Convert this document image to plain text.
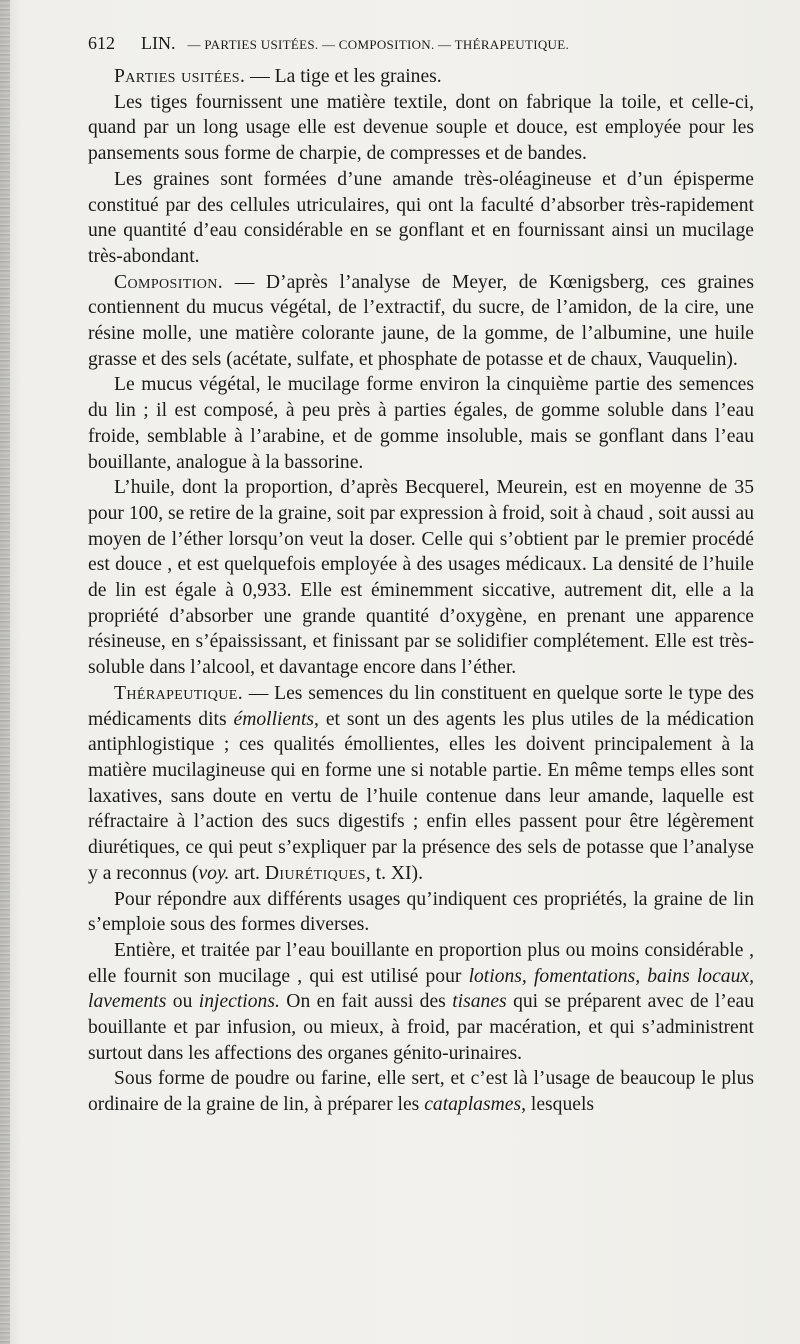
612 LIN. — PARTIES USITÉES. — COMPOSITION. — THÉRAPEUTIQUE.

Parties usitées. — La tige et les graines.

Les tiges fournissent une matière textile, dont on fabrique la toile, et celle-ci, quand par un long usage elle est devenue souple et douce, est employée pour les pansements sous forme de charpie, de compresses et de bandes.

Les graines sont formées d’une amande très-oléagineuse et d’un épisperme constitué par des cellules utriculaires, qui ont la faculté d’absorber très-rapidement une quantité d’eau considérable en se gonflant et en fournissant ainsi un mucilage très-abondant.

Composition. — D’après l’analyse de Meyer, de Kœnigsberg, ces graines contiennent du mucus végétal, de l’extractif, du sucre, de l’amidon, de la cire, une résine molle, une matière colorante jaune, de la gomme, de l’albumine, une huile grasse et des sels (acétate, sulfate, et phosphate de potasse et de chaux, Vauquelin).

Le mucus végétal, le mucilage forme environ la cinquième partie des semences du lin ; il est composé, à peu près à parties égales, de gomme soluble dans l’eau froide, semblable à l’arabine, et de gomme insoluble, mais se gonflant dans l’eau bouillante, analogue à la bassorine.

L’huile, dont la proportion, d’après Becquerel, Meurein, est en moyenne de 35 pour 100, se retire de la graine, soit par expression à froid, soit à chaud , soit aussi au moyen de l’éther lorsqu’on veut la doser. Celle qui s’obtient par le premier procédé est douce , et est quelquefois employée à des usages médicaux. La densité de l’huile de lin est égale à 0,933. Elle est éminemment siccative, autrement dit, elle a la propriété d’absorber une grande quantité d’oxygène, en prenant une apparence résineuse, en s’épaississant, et finissant par se solidifier complétement. Elle est très-soluble dans l’alcool, et davantage encore dans l’éther.

Thérapeutique. — Les semences du lin constituent en quelque sorte le type des médicaments dits émollients, et sont un des agents les plus utiles de la médication antiphlogistique ; ces qualités émollientes, elles les doivent principalement à la matière mucilagineuse qui en forme une si notable partie. En même temps elles sont laxatives, sans doute en vertu de l’huile contenue dans leur amande, laquelle est réfractaire à l’action des sucs digestifs ; enfin elles passent pour être légèrement diurétiques, ce qui peut s’expliquer par la présence des sels de potasse que l’analyse y a reconnus (voy. art. Diurétiques, t. XI).

Pour répondre aux différents usages qu’indiquent ces propriétés, la graine de lin s’emploie sous des formes diverses.

Entière, et traitée par l’eau bouillante en proportion plus ou moins considérable , elle fournit son mucilage , qui est utilisé pour lotions, fomentations, bains locaux, lavements ou injections. On en fait aussi des tisanes qui se préparent avec de l’eau bouillante et par infusion, ou mieux, à froid, par macération, et qui s’administrent surtout dans les affections des organes génito-urinaires.

Sous forme de poudre ou farine, elle sert, et c’est là l’usage de beaucoup le plus ordinaire de la graine de lin, à préparer les cataplasmes, lesquels
